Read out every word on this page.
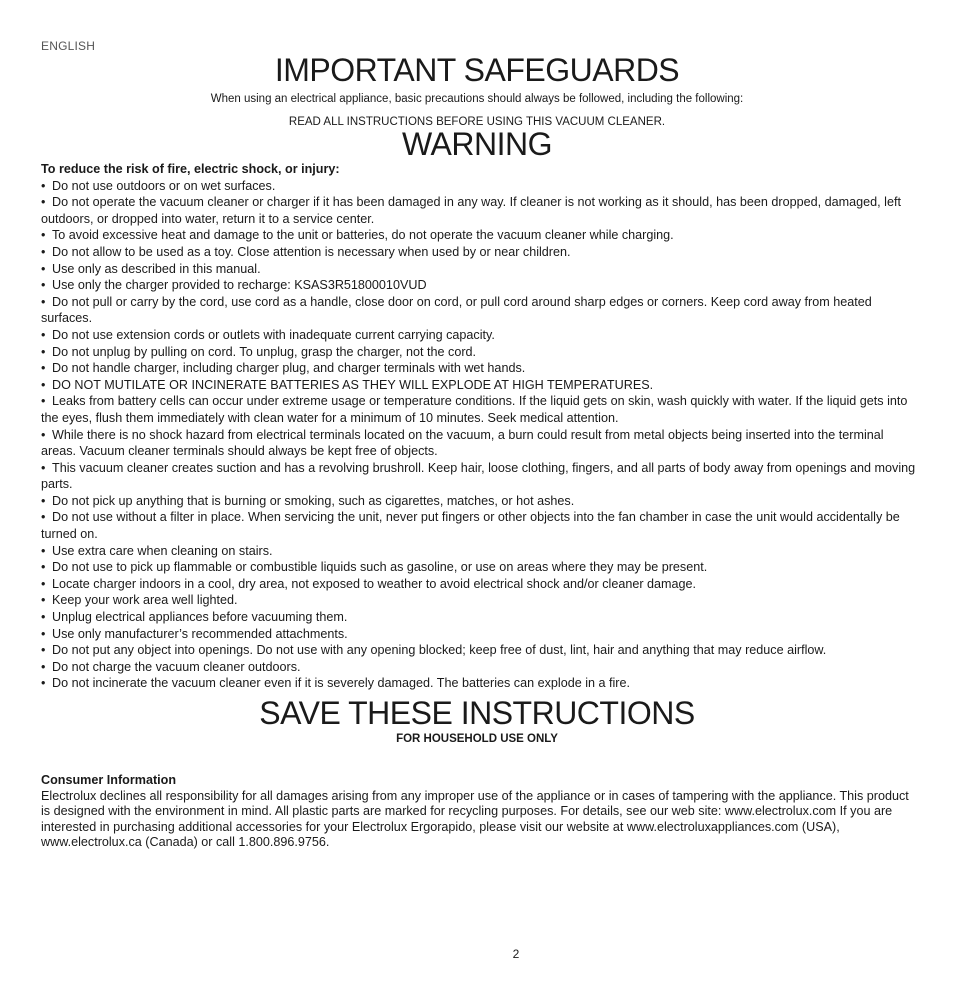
ENGLISH
IMPORTANT SAFEGUARDS
When using an electrical appliance, basic precautions should always be followed, including the following:
READ ALL INSTRUCTIONS BEFORE USING THIS VACUUM CLEANER.
WARNING

To reduce the risk of fire, electric shock, or injury:

• Do not use outdoors or on wet surfaces.
• Do not operate the vacuum cleaner or charger if it has been damaged in any way. If cleaner is not working as it should, has been dropped, damaged, left outdoors, or dropped into water, return it to a service center.
• To avoid excessive heat and damage to the unit or batteries, do not operate the vacuum cleaner while charging.
• Do not allow to be used as a toy. Close attention is necessary when used by or near children.
• Use only as described in this manual.
• Use only the charger provided to recharge: KSAS3R51800010VUD
• Do not pull or carry by the cord, use cord as a handle, close door on cord, or pull cord around sharp edges or corners. Keep cord away from heated surfaces.
• Do not use extension cords or outlets with inadequate current carrying capacity.
• Do not unplug by pulling on cord. To unplug, grasp the charger, not the cord.
• Do not handle charger, including charger plug, and charger terminals with wet hands.
• DO NOT MUTILATE OR INCINERATE BATTERIES AS THEY WILL EXPLODE AT HIGH TEMPERATURES.
• Leaks from battery cells can occur under extreme usage or temperature conditions. If the liquid gets on skin, wash quickly with water. If the liquid gets into the eyes, flush them immediately with clean water for a minimum of 10 minutes. Seek medical attention.
• While there is no shock hazard from electrical terminals located on the vacuum, a burn could result from metal objects being inserted into the terminal areas. Vacuum cleaner terminals should always be kept free of objects.
• This vacuum cleaner creates suction and has a revolving brushroll. Keep hair, loose clothing, fingers, and all parts of body away from openings and moving parts.
• Do not pick up anything that is burning or smoking, such as cigarettes, matches, or hot ashes.
• Do not use without a filter in place. When servicing the unit, never put fingers or other objects into the fan chamber in case the unit would accidentally be turned on.
• Use extra care when cleaning on stairs.
• Do not use to pick up flammable or combustible liquids such as gasoline, or use on areas where they may be present.
• Locate charger indoors in a cool, dry area, not exposed to weather to avoid electrical shock and/or cleaner damage.
• Keep your work area well lighted.
• Unplug electrical appliances before vacuuming them.
• Use only manufacturer’s recommended attachments.
• Do not put any object into openings. Do not use with any opening blocked; keep free of dust, lint, hair and anything that may reduce airflow.
• Do not charge the vacuum cleaner outdoors.
• Do not incinerate the vacuum cleaner even if it is severely damaged. The batteries can explode in a fire.
SAVE THESE INSTRUCTIONS
FOR HOUSEHOLD USE ONLY

Consumer Information

Electrolux declines all responsibility for all damages arising from any improper use of the appliance or in cases of tampering with the appliance. This product is designed with the environment in mind. All plastic parts are marked for recycling purposes. For details, see our web site: www.electrolux.com If you are interested in purchasing additional accessories for your Electrolux Ergorapido, please visit our website at www.electroluxappliances.com (USA), www.electrolux.ca (Canada) or call 1.800.896.9756.

2
